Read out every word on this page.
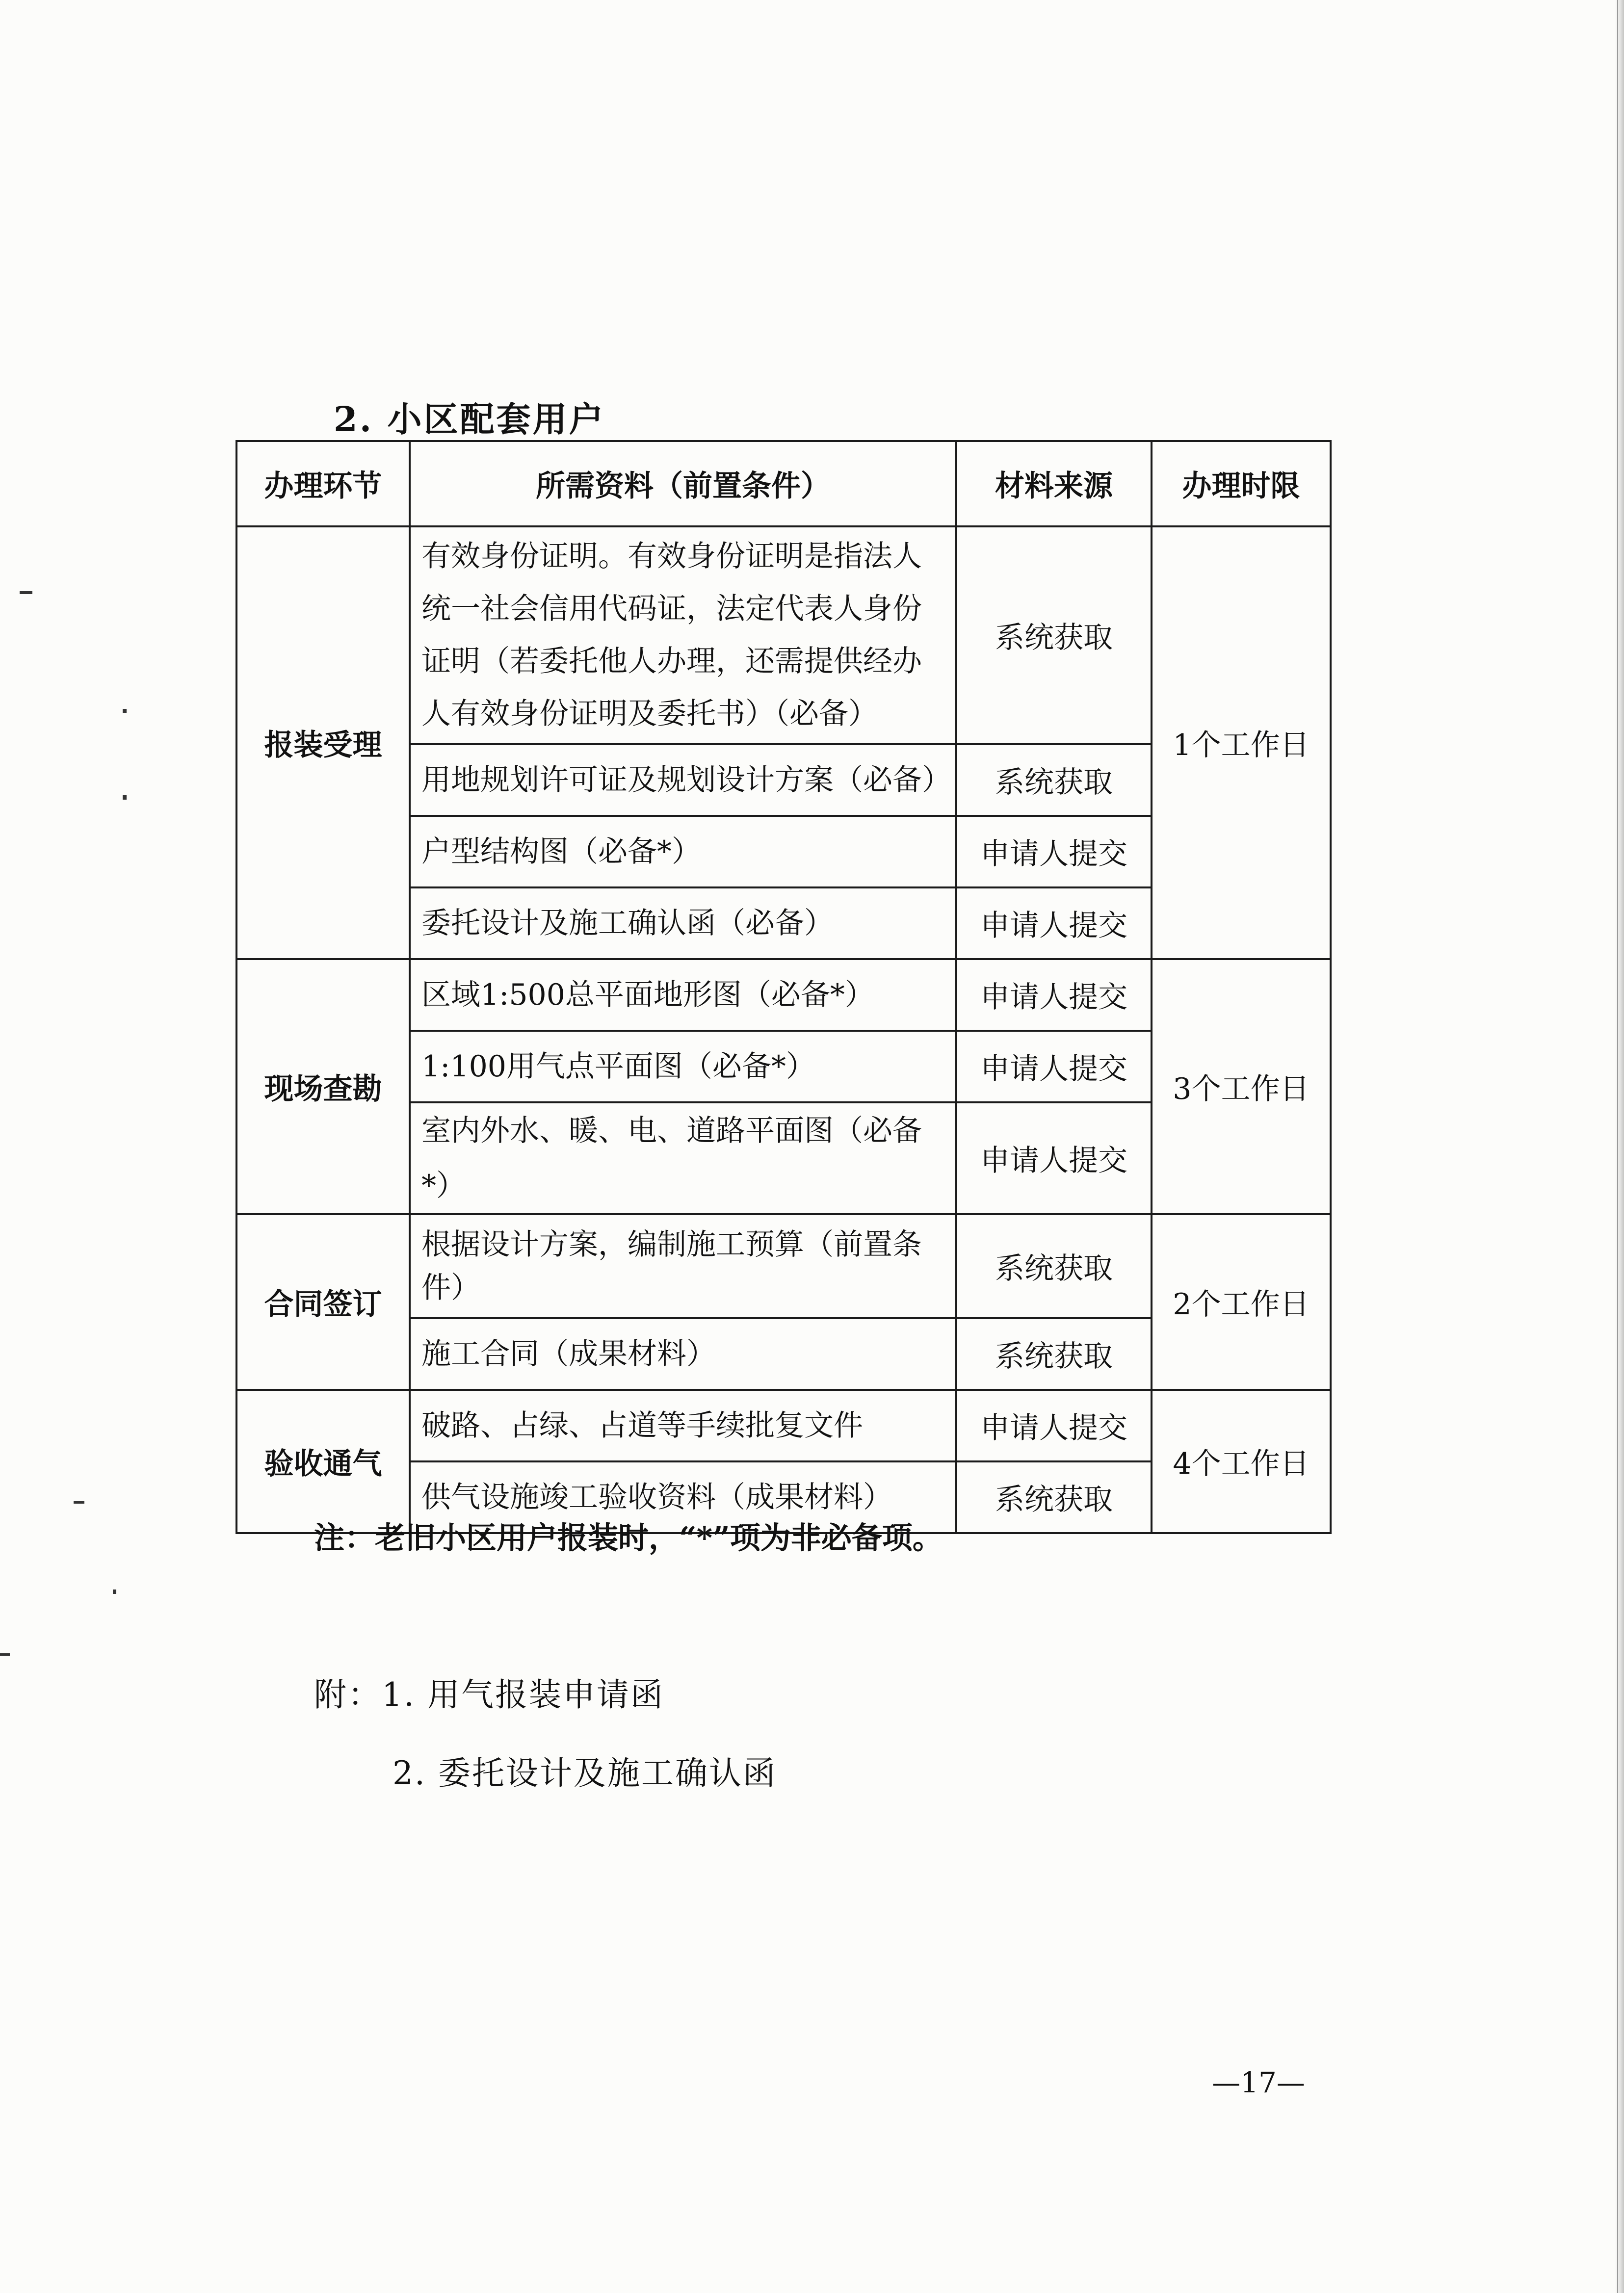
2. 小区配套用户
办理环节	所需资料（前置条件）	材料来源	办理时限
报装受理	有效身份证明。有效身份证明是指法人统一社会信用代码证，法定代表人身份证明（若委托他人办理，还需提供经办人有效身份证明及委托书）（必备）	系统获取	1个工作日
	用地规划许可证及规划设计方案（必备）	系统获取	
	户型结构图（必备*）	申请人提交	
	委托设计及施工确认函（必备）	申请人提交	
现场查勘	区域1:500总平面地形图（必备*）	申请人提交	3个工作日
	1:100用气点平面图（必备*）	申请人提交	
	室内外水、暖、电、道路平面图（必备*）	申请人提交	
合同签订	根据设计方案，编制施工预算（前置条件）	系统获取	2个工作日
	施工合同（成果材料）	系统获取	
验收通气	破路、占绿、占道等手续批复文件	申请人提交	4个工作日
	供气设施竣工验收资料（成果材料）	系统获取	

注：老旧小区用户报装时，“*”项为非必备项。

附：1. 用气报装申请函

2. 委托设计及施工确认函

—17—
